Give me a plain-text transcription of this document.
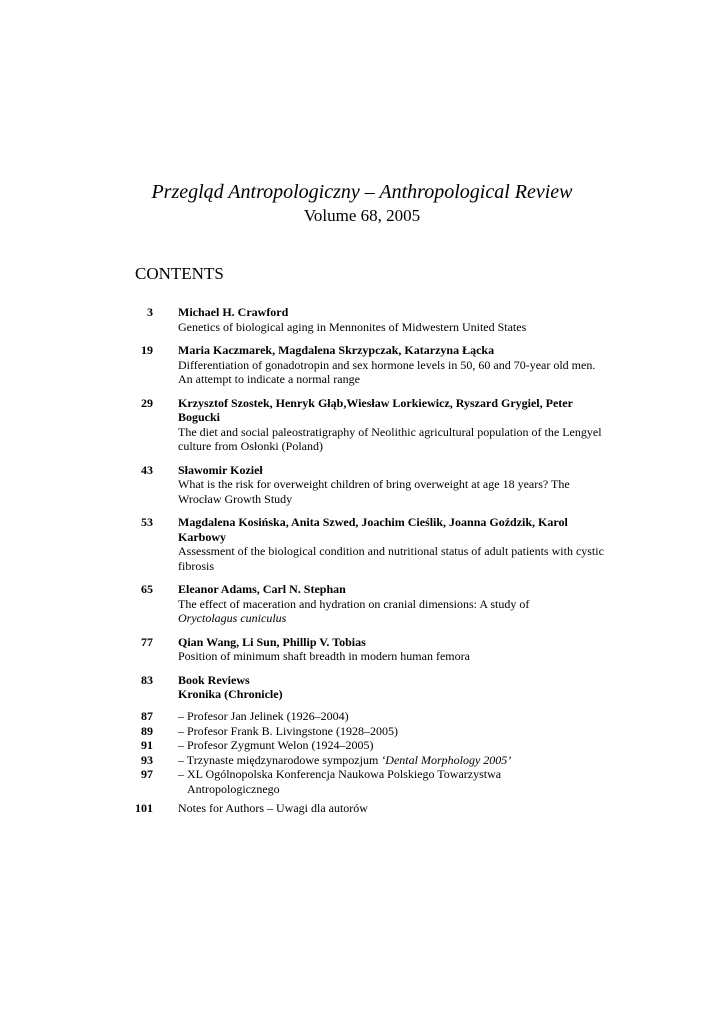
Przegląd Antropologiczny – Anthropological Review
Volume 68, 2005
CONTENTS
3 Michael H. Crawford
Genetics of biological aging in Mennonites of Midwestern United States
19 Maria Kaczmarek, Magdalena Skrzypczak, Katarzyna Łącka
Differentiation of gonadotropin and sex hormone levels in 50, 60 and 70-year old men. An attempt to indicate a normal range
29 Krzysztof Szostek, Henryk Głąb,Wiesław Lorkiewicz, Ryszard Grygiel, Peter Bogucki
The diet and social paleostratigraphy of Neolithic agricultural population of the Lengyel culture from Osłonki (Poland)
43 Sławomir Kozieł
What is the risk for overweight children of bring overweight at age 18 years? The Wrocław Growth Study
53 Magdalena Kosińska, Anita Szwed, Joachim Cieślik, Joanna Goździk, Karol Karbowy
Assessment of the biological condition and nutritional status of adult patients with cystic fibrosis
65 Eleanor Adams, Carl N. Stephan
The effect of maceration and hydration on cranial dimensions: A study of
Oryctolagus cuniculus
77 Qian Wang, Li Sun, Phillip V. Tobias
Position of minimum shaft breadth in modern human femora
83 Book Reviews
Kronika (Chronicle)
87 – Profesor Jan Jelinek (1926–2004)
89 – Profesor Frank B. Livingstone (1928–2005)
91 – Profesor Zygmunt Welon (1924–2005)
93 – Trzynaste międzynarodowe sympozjum ‘Dental Morphology 2005’
97 – XL Ogólnopolska Konferencja Naukowa Polskiego Towarzystwa
Antropologicznego
101 Notes for Authors – Uwagi dla autorów
